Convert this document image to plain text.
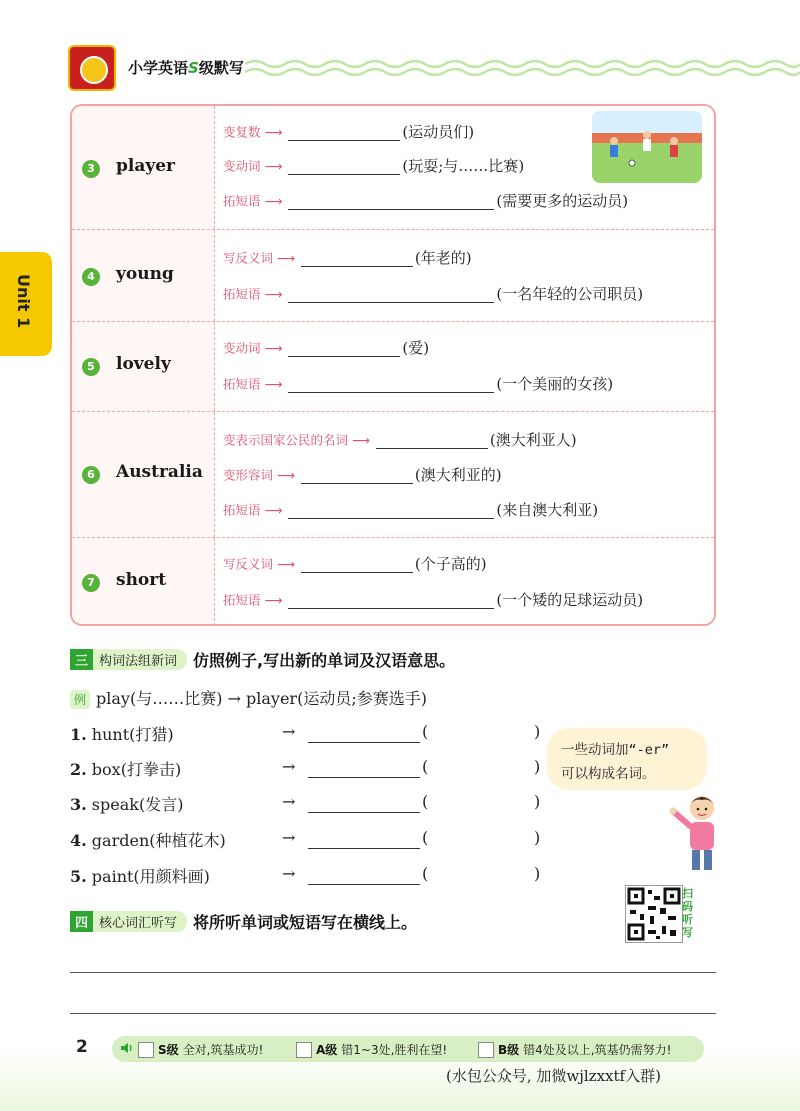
小学英语S级默写
Unit 1
3	player
变复数 ⟶	(运动员们)
变动词 ⟶	(玩耍;与……比赛)
拓短语 ⟶	(需要更多的运动员)
4	young
写反义词 ⟶	(年老的)
拓短语 ⟶	(一名年轻的公司职员)
5	lovely
变动词 ⟶	(爱)
拓短语 ⟶	(一个美丽的女孩)
6	Australia
变表示国家公民的名词 ⟶	(澳大利亚人)
变形容词 ⟶	(澳大利亚的)
拓短语 ⟶	(来自澳大利亚)
7	short
写反义词 ⟶	(个子高的)
拓短语 ⟶	(一个矮的足球运动员)
三 构词法组新词 仿照例子,写出新的单词及汉语意思。
例 play(与……比赛) → player(运动员;参赛选手)
1. hunt(打猎)	→	(	)
2. box(打拳击)	→	(	)
3. speak(发言)	→	(	)
4. garden(种植花木)	→	(	)
5. paint(用颜料画)	→	(	)
一些动词加“-er”
可以构成名词。
四 核心词汇听写 将所听单词或短语写在横线上。
扫码听写
2	S级 全对,筑基成功!	A级 错1~3处,胜利在望!	B级 错4处及以上,筑基仍需努力!
(水包公众号, 加微wjlzxxtf入群)
